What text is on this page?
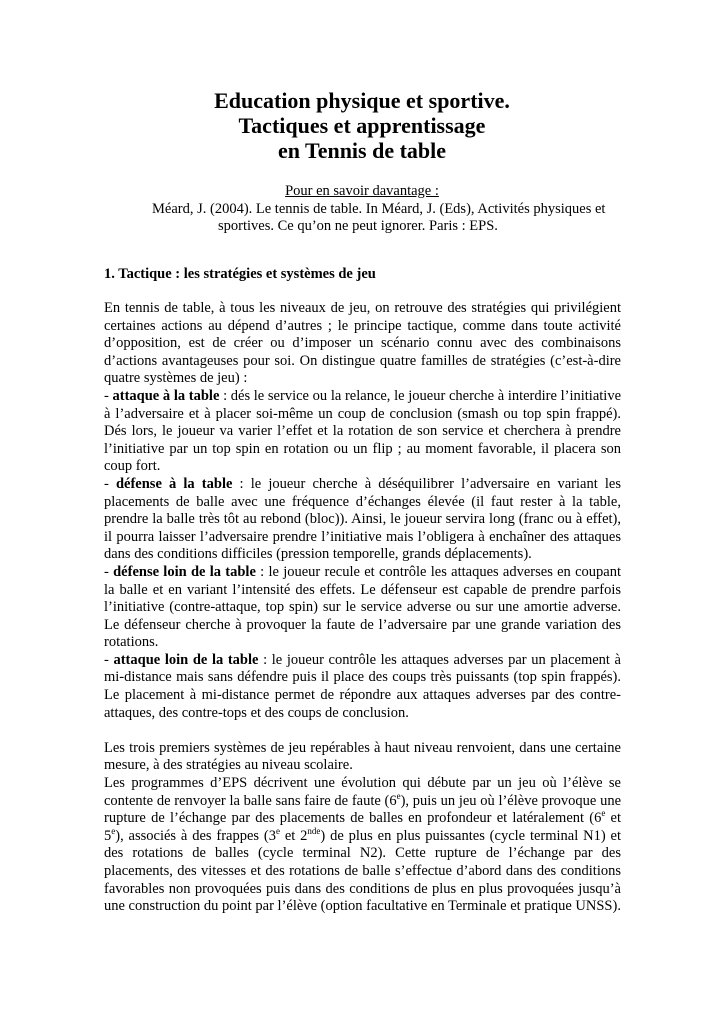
Education physique et sportive.
Tactiques et apprentissage
en Tennis de table
Pour en savoir davantage :
Méard, J. (2004). Le tennis de table. In Méard, J. (Eds), Activités physiques et
sportives. Ce qu’on ne peut ignorer. Paris : EPS.
1. Tactique : les stratégies et systèmes de jeu

En tennis de table, à tous les niveaux de jeu, on retrouve des stratégies qui privilégient certaines actions au dépend d’autres ; le principe tactique, comme dans toute activité d’opposition, est de créer ou d’imposer un scénario connu avec des combinaisons d’actions avantageuses pour soi. On distingue quatre familles de stratégies (c’est-à-dire quatre systèmes de jeu) :

- attaque à la table : dés le service ou la relance, le joueur cherche à interdire l’initiative à l’adversaire et à placer soi-même un coup de conclusion (smash ou top spin frappé). Dés lors, le joueur va varier l’effet et la rotation de son service et cherchera à prendre l’initiative par un top spin en rotation ou un flip ; au moment favorable, il placera son coup fort.

- défense à la table : le joueur cherche à déséquilibrer l’adversaire en variant les placements de balle avec une fréquence d’échanges élevée (il faut rester à la table, prendre la balle très tôt au rebond (bloc)). Ainsi, le joueur servira long (franc ou à effet), il pourra laisser l’adversaire prendre l’initiative mais l’obligera à enchaîner des attaques dans des conditions difficiles (pression temporelle, grands déplacements).

- défense loin de la table : le joueur recule et contrôle les attaques adverses en coupant la balle et en variant l’intensité des effets. Le défenseur est capable de prendre parfois l’initiative (contre-attaque, top spin) sur le service adverse ou sur une amortie adverse. Le défenseur cherche à provoquer la faute de l’adversaire par une grande variation des rotations.

- attaque loin de la table : le joueur contrôle les attaques adverses par un placement à mi-distance mais sans défendre puis il place des coups très puissants (top spin frappés). Le placement à mi-distance permet de répondre aux attaques adverses par des contre-attaques, des contre-tops et des coups de conclusion.

Les trois premiers systèmes de jeu repérables à haut niveau renvoient, dans une certaine mesure, à des stratégies au niveau scolaire.

Les programmes d’EPS décrivent une évolution qui débute par un jeu où l’élève se contente de renvoyer la balle sans faire de faute (6e), puis un jeu où l’élève provoque une rupture de l’échange par des placements de balles en profondeur et latéralement (6e et 5e), associés à des frappes (3e et 2nde) de plus en plus puissantes (cycle terminal N1) et des rotations de balles (cycle terminal N2). Cette rupture de l’échange par des placements, des vitesses et des rotations de balle s’effectue d’abord dans des conditions favorables non provoquées puis dans des conditions de plus en plus provoquées jusqu’à une construction du point par l’élève (option facultative en Terminale et pratique UNSS).
